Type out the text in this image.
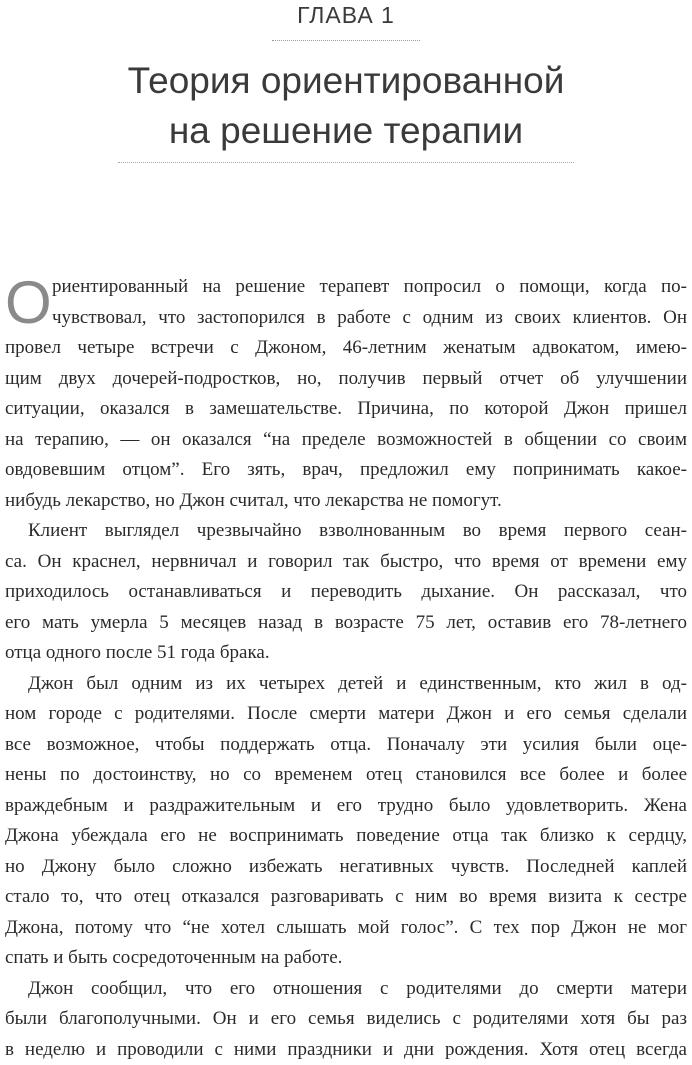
ГЛАВА 1
Теория ориентированной
на решение терапии
О риентированный на решение терапевт попросил о помощи, когда по-
чувствовал, что застопорился в работе с одним из своих клиентов. Он
провел четыре встречи с Джоном, 46-летним женатым адвокатом, имею-
щим двух дочерей-подростков, но, получив первый отчет об улучшении
ситуации, оказался в замешательстве. Причина, по которой Джон пришел
на терапию, — он оказался “на пределе возможностей в общении со своим
овдовевшим отцом”. Его зять, врач, предложил ему попринимать какое-
нибудь лекарство, но Джон считал, что лекарства не помогут.
Клиент выглядел чрезвычайно взволнованным во время первого сеан-
са. Он краснел, нервничал и говорил так быстро, что время от времени ему
приходилось останавливаться и переводить дыхание. Он рассказал, что
его мать умерла 5 месяцев назад в возрасте 75 лет, оставив его 78-летнего
отца одного после 51 года брака.
Джон был одним из их четырех детей и единственным, кто жил в од-
ном городе с родителями. После смерти матери Джон и его семья сделали
все возможное, чтобы поддержать отца. Поначалу эти усилия были оце-
нены по достоинству, но со временем отец становился все более и более
враждебным и раздражительным и его трудно было удовлетворить. Жена
Джона убеждала его не воспринимать поведение отца так близко к сердцу,
но Джону было сложно избежать негативных чувств. Последней каплей
стало то, что отец отказался разговаривать с ним во время визита к сестре
Джона, потому что “не хотел слышать мой голос”. С тех пор Джон не мог
спать и быть сосредоточенным на работе.
Джон сообщил, что его отношения с родителями до смерти матери
были благополучными. Он и его семья виделись с родителями хотя бы раз
в неделю и проводили с ними праздники и дни рождения. Хотя отец всегда
